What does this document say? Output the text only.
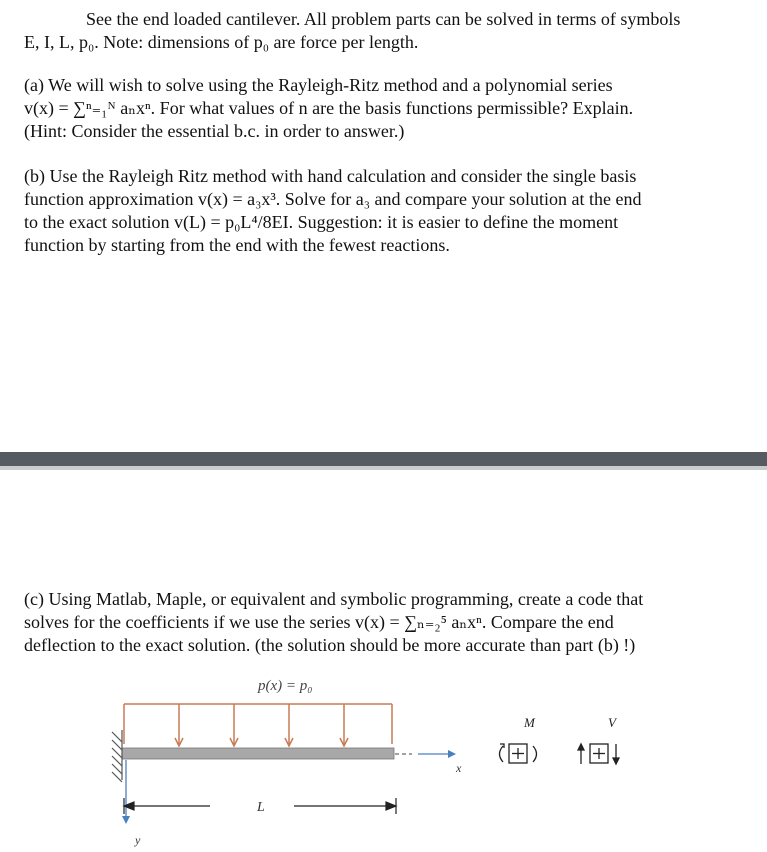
See the end loaded cantilever. All problem parts can be solved in terms of symbols
E, I, L, p₀. Note: dimensions of p₀ are force per length.
(a) We will wish to solve using the Rayleigh-Ritz method and a polynomial series
v(x) = ∑ⁿ₌₁ᴺ aₙxⁿ. For what values of n are the basis functions permissible? Explain.
(Hint: Consider the essential b.c. in order to answer.)
(b) Use the Rayleigh Ritz method with hand calculation and consider the single basis
function approximation v(x) = a₃x³. Solve for a₃ and compare your solution at the end
to the exact solution v(L) = p₀L⁴/8EI. Suggestion: it is easier to define the moment
function by starting from the end with the fewest reactions.
(c) Using Matlab, Maple, or equivalent and symbolic programming, create a code that
solves for the coefficients if we use the series v(x) = ∑ₙ₌₂⁵ aₙxⁿ. Compare the end
deflection to the exact solution. (the solution should be more accurate than part (b) !)
p(x) = p₀
x
y
L
M	V
